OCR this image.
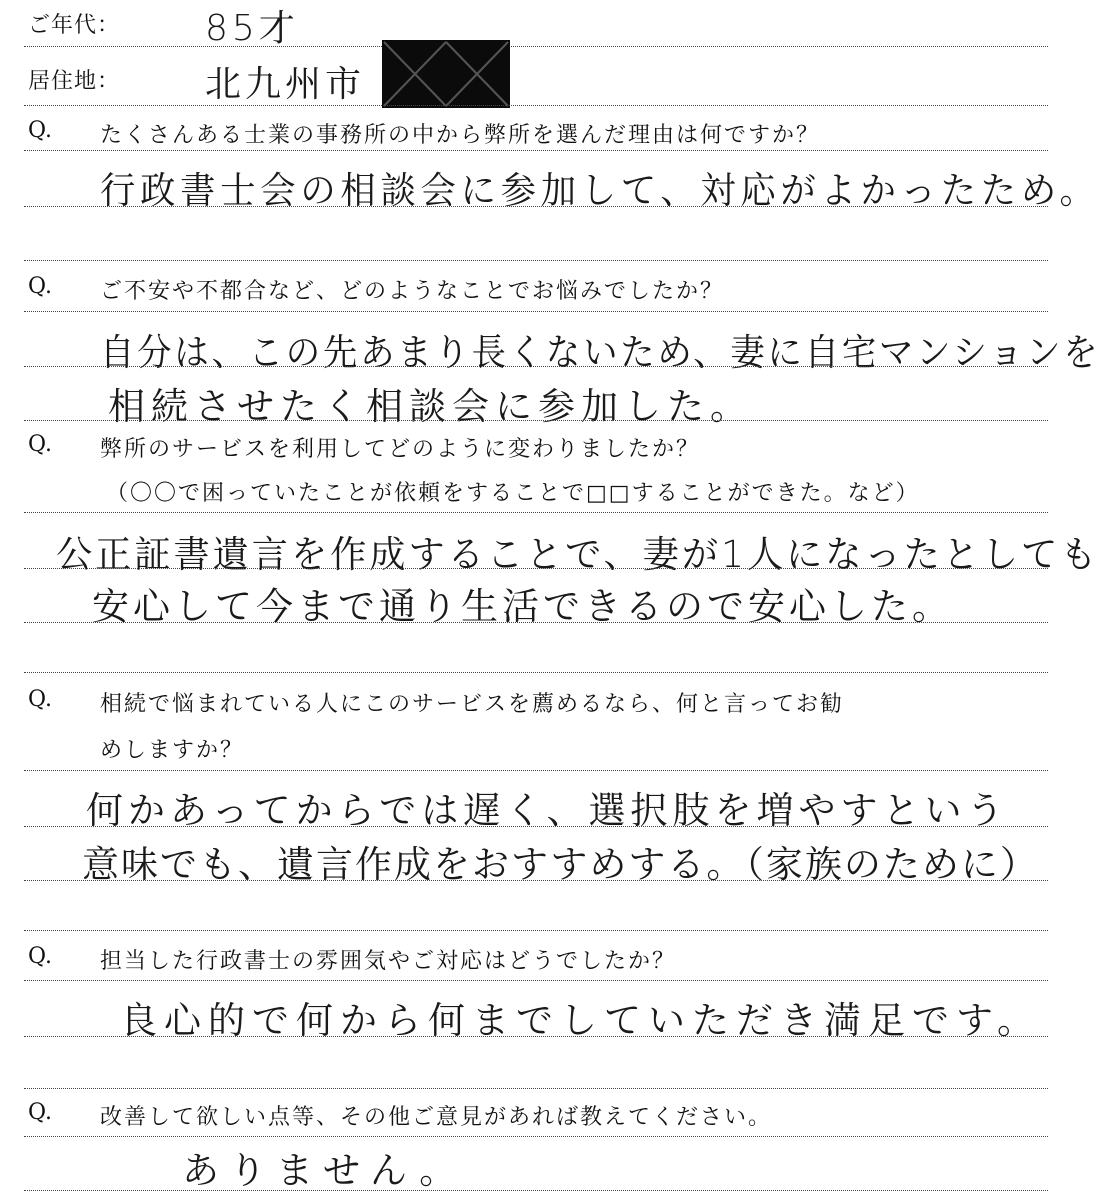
ご年代： 85才
居住地： 北九州市
Q. たくさんある士業の事務所の中から弊所を選んだ理由は何ですか？
行政書士会の相談会に参加して、対応がよかったため。
Q. ご不安や不都合など、どのようなことでお悩みでしたか？
自分は、この先あまり長くないため、妻に自宅マンションを
相続させたく相談会に参加した。
Q. 弊所のサービスを利用してどのように変わりましたか？
（〇〇で困っていたことが依頼をすることで□□することができた。など）
公正証書遺言を作成することで、妻が1人になったとしても
安心して今まで通り生活できるので安心した。
Q. 相続で悩まれている人にこのサービスを薦めるなら、何と言ってお勧
めしますか？
何かあってからでは遅く、選択肢を増やすという
意味でも、遺言作成をおすすめする。（家族のために）
Q. 担当した行政書士の雰囲気やご対応はどうでしたか？
良心的で何から何までしていただき満足です。
Q. 改善して欲しい点等、その他ご意見があれば教えてください。
ありません。
